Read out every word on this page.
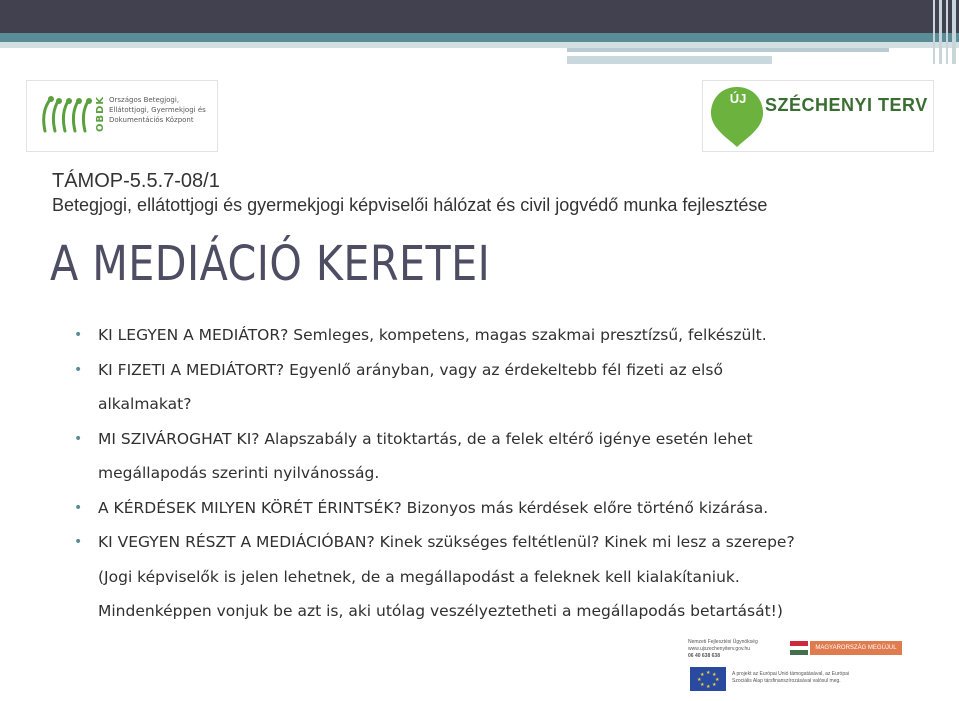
OBDK Országos Betegjogi,
Ellátottjogi, Gyermekjogi és
Dokumentációs Központ
ÚJ	SZÉCHENYI TERV
TÁMOP-5.5.7-08/1
Betegjogi, ellátottjogi és gyermekjogi képviselői hálózat és civil jogvédő munka fejlesztése
A MEDIÁCIÓ KERETEI
• KI LEGYEN A MEDIÁTOR? Semleges, kompetens, magas szakmai presztízsű, felkészült.
• KI FIZETI A MEDIÁTORT? Egyenlő arányban, vagy az érdekeltebb fél fizeti az első
alkalmakat?
• MI SZIVÁROGHAT KI? Alapszabály a titoktartás, de a felek eltérő igénye esetén lehet
megállapodás szerinti nyilvánosság.
• A KÉRDÉSEK MILYEN KÖRÉT ÉRINTSÉK? Bizonyos más kérdések előre történő kizárása.
• KI VEGYEN RÉSZT A MEDIÁCIÓBAN? Kinek szükséges feltétlenül? Kinek mi lesz a szerepe?
(Jogi képviselők is jelen lehetnek, de a megállapodást a feleknek kell kialakítaniuk.
Mindenképpen vonjuk be azt is, aki utólag veszélyeztetheti a megállapodás betartását!)
Nemzeti Fejlesztési Ügynökség
www.ujszechenyiterv.gov.hu
06 40 638 638
MAGYARORSZÁG MEGÚJUL
★ ★
★
★
★
★
★
★	A projekt az Európai Unió támogatásával, az Európai
Szociális Alap társfinanszírozásával valósul meg.
